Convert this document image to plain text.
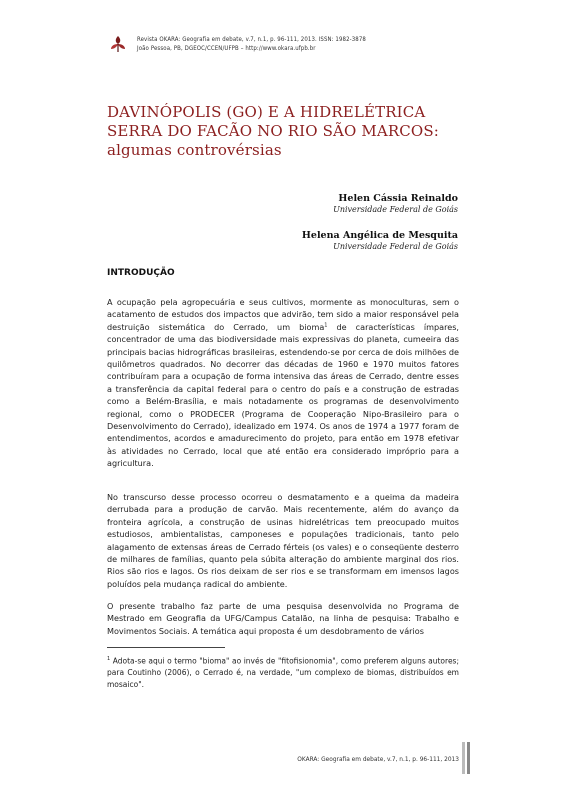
Revista OKARA: Geografia em debate, v.7, n.1, p. 96-111, 2013. ISSN: 1982-3878
João Pessoa, PB, DGEOC/CCEN/UFPB – http://www.okara.ufpb.br
DAVINÓPOLIS (GO) E A HIDRELÉTRICA SERRA DO FACÃO NO RIO SÃO MARCOS: algumas controvérsias
Helen Cássia Reinaldo
Universidade Federal de Goiás
Helena Angélica de Mesquita
Universidade Federal de Goiás
INTRODUÇÃO

A ocupação pela agropecuária e seus cultivos, mormente as monoculturas, sem o acatamento de estudos dos impactos que advirão, tem sido a maior responsável pela destruição sistemática do Cerrado, um bioma$^1$ de características ímpares, concentrador de uma das biodiversidade mais expressivas do planeta, cumeeira das principais bacias hidrográficas brasileiras, estendendo-se por cerca de dois milhões de quilômetros quadrados. No decorrer das décadas de 1960 e 1970 muitos fatores contribuíram para a ocupação de forma intensiva das áreas de Cerrado, dentre esses a transferência da capital federal para o centro do país e a construção de estradas como a Belém-Brasília, e mais notadamente os programas de desenvolvimento regional, como o PRODECER (Programa de Cooperação Nipo-Brasileiro para o Desenvolvimento do Cerrado), idealizado em 1974. Os anos de 1974 a 1977 foram de entendimentos, acordos e amadurecimento do projeto, para então em 1978 efetivar às atividades no Cerrado, local que até então era considerado impróprio para a agricultura.

No transcurso desse processo ocorreu o desmatamento e a queima da madeira derrubada para a produção de carvão. Mais recentemente, além do avanço da fronteira agrícola, a construção de usinas hidrelétricas tem preocupado muitos estudiosos, ambientalistas, camponeses e populações tradicionais, tanto pelo alagamento de extensas áreas de Cerrado férteis (os vales) e o conseqüente desterro de milhares de famílias, quanto pela súbita alteração do ambiente marginal dos rios. Rios são rios e lagos. Os rios deixam de ser rios e se transformam em imensos lagos poluídos pela mudança radical do ambiente.

O presente trabalho faz parte de uma pesquisa desenvolvida no Programa de Mestrado em Geografia da UFG/Campus Catalão, na linha de pesquisa: Trabalho e Movimentos Sociais. A temática aqui proposta é um desdobramento de vários

$^1$ Adota-se aqui o termo "bioma" ao invés de "fitofisionomia", como preferem alguns autores; para Coutinho (2006), o Cerrado é, na verdade, "um complexo de biomas, distribuídos em mosaico".

OKARA: Geografia em debate, v.7, n.1, p. 96-111, 2013
